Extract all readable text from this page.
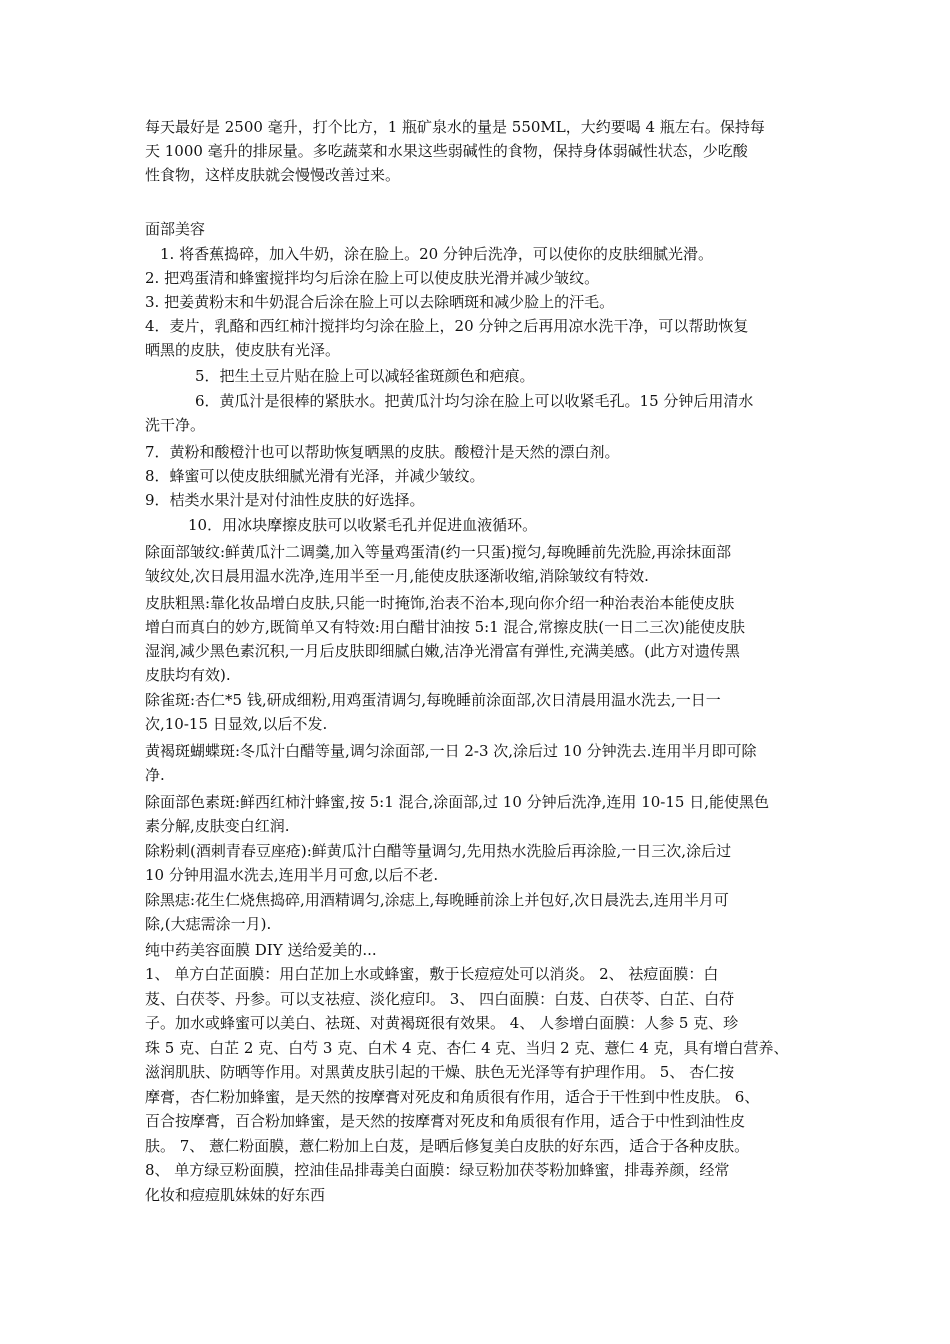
每天最好是 2500 毫升，打个比方，1 瓶矿泉水的量是 550ML，大约要喝 4 瓶左右。保持每
天 1000 毫升的排尿量。多吃蔬菜和水果这些弱碱性的食物，保持身体弱碱性状态，少吃酸
性食物，这样皮肤就会慢慢改善过来。
面部美容
1. 将香蕉捣碎，加入牛奶，涂在脸上。20 分钟后洗净，可以使你的皮肤细腻光滑。
2. 把鸡蛋清和蜂蜜搅拌均匀后涂在脸上可以使皮肤光滑并减少皱纹。
3. 把姜黄粉末和牛奶混合后涂在脸上可以去除晒斑和减少脸上的汗毛。
4．麦片，乳酪和西红柿汁搅拌均匀涂在脸上，20 分钟之后再用凉水洗干净，可以帮助恢复
晒黑的皮肤，使皮肤有光泽。
5．把生土豆片贴在脸上可以减轻雀斑颜色和疤痕。
6．黄瓜汁是很棒的紧肤水。把黄瓜汁均匀涂在脸上可以收紧毛孔。15 分钟后用清水
洗干净。
7．黄粉和酸橙汁也可以帮助恢复晒黑的皮肤。酸橙汁是天然的漂白剂。
8．蜂蜜可以使皮肤细腻光滑有光泽，并减少皱纹。
9．桔类水果汁是对付油性皮肤的好选择。
10．用冰块摩擦皮肤可以收紧毛孔并促进血液循环。
除面部皱纹:鲜黄瓜汁二调羹,加入等量鸡蛋清(约一只蛋)搅匀,每晚睡前先洗脸,再涂抹面部
皱纹处,次日晨用温水洗净,连用半至一月,能使皮肤逐渐收缩,消除皱纹有特效.
皮肤粗黑:靠化妆品增白皮肤,只能一时掩饰,治表不治本,现向你介绍一种治表治本能使皮肤
增白而真白的妙方,既简单又有特效:用白醋甘油按 5:1 混合,常擦皮肤(一日二三次)能使皮肤
湿润,减少黑色素沉积,一月后皮肤即细腻白嫩,洁净光滑富有弹性,充满美感。(此方对遗传黑
皮肤均有效).
除雀斑:杏仁*5 钱,研成细粉,用鸡蛋清调匀,每晚睡前涂面部,次日清晨用温水洗去,一日一
次,10-15 日显效,以后不发.
黄褐斑蝴蝶斑:冬瓜汁白醋等量,调匀涂面部,一日 2-3 次,涂后过 10 分钟洗去.连用半月即可除
净.
除面部色素斑:鲜西红柿汁蜂蜜,按 5:1 混合,涂面部,过 10 分钟后洗净,连用 10-15 日,能使黑色
素分解,皮肤变白红润.
除粉刺(酒刺青春豆座疮):鲜黄瓜汁白醋等量调匀,先用热水洗脸后再涂脸,一日三次,涂后过
10 分钟用温水洗去,连用半月可愈,以后不老.
除黑痣:花生仁烧焦捣碎,用酒精调匀,涂痣上,每晚睡前涂上并包好,次日晨洗去,连用半月可
除,(大痣需涂一月).
纯中药美容面膜 DIY 送给爱美的...
1、 单方白芷面膜：用白芷加上水或蜂蜜，敷于长痘痘处可以消炎。 2、 祛痘面膜：白
芨、白茯苓、丹参。可以支祛痘、淡化痘印。 3、 四白面膜：白芨、白茯苓、白芷、白苻
子。加水或蜂蜜可以美白、祛斑、对黄褐斑很有效果。 4、 人参增白面膜：人参 5 克、珍
珠 5 克、白芷 2 克、白芍 3 克、白术 4 克、杏仁 4 克、当归 2 克、薏仁 4 克，具有增白营养、
滋润肌肤、防晒等作用。对黑黄皮肤引起的干燥、肤色无光泽等有护理作用。 5、 杏仁按
摩膏，杏仁粉加蜂蜜，是天然的按摩膏对死皮和角质很有作用，适合于干性到中性皮肤。 6、
百合按摩膏，百合粉加蜂蜜，是天然的按摩膏对死皮和角质很有作用，适合于中性到油性皮
肤。 7、 薏仁粉面膜，薏仁粉加上白芨，是晒后修复美白皮肤的好东西，适合于各种皮肤。
8、 单方绿豆粉面膜，控油佳品排毒美白面膜：绿豆粉加茯苓粉加蜂蜜，排毒养颜，经常
化妆和痘痘肌妹妹的好东西
